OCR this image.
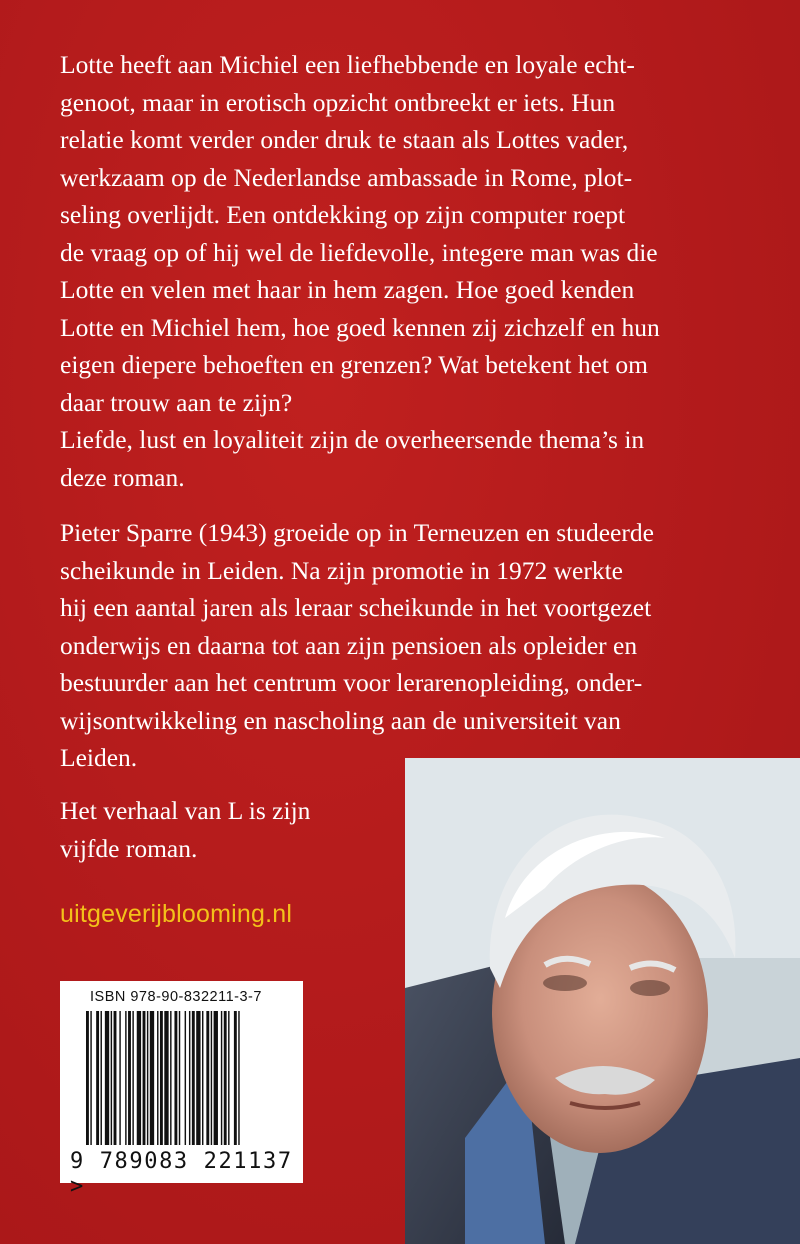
Lotte heeft aan Michiel een liefhebbende en loyale echt-

genoot, maar in erotisch opzicht ontbreekt er iets. Hun

relatie komt verder onder druk te staan als Lottes vader,

werkzaam op de Nederlandse ambassade in Rome, plot-

seling overlijdt. Een ontdekking op zijn computer roept

de vraag op of hij wel de liefdevolle, integere man was die

Lotte en velen met haar in hem zagen. Hoe goed kenden

Lotte en Michiel hem, hoe goed kennen zij zichzelf en hun

eigen diepere behoeften en grenzen? Wat betekent het om

daar trouw aan te zijn?

Liefde, lust en loyaliteit zijn de overheersende thema’s in

deze roman.

Pieter Sparre (1943) groeide op in Terneuzen en studeerde

scheikunde in Leiden. Na zijn promotie in 1972 werkte

hij een aantal jaren als leraar scheikunde in het voortgezet

onderwijs en daarna tot aan zijn pensioen als opleider en

bestuurder aan het centrum voor lerarenopleiding, onder-

wijsontwikkeling en nascholing aan de universiteit van

Leiden.

Het verhaal van L is zijn

vijfde roman.

uitgeverijblooming.nl
ISBN 978-90-832211-3-7
9 789083 221137 >
